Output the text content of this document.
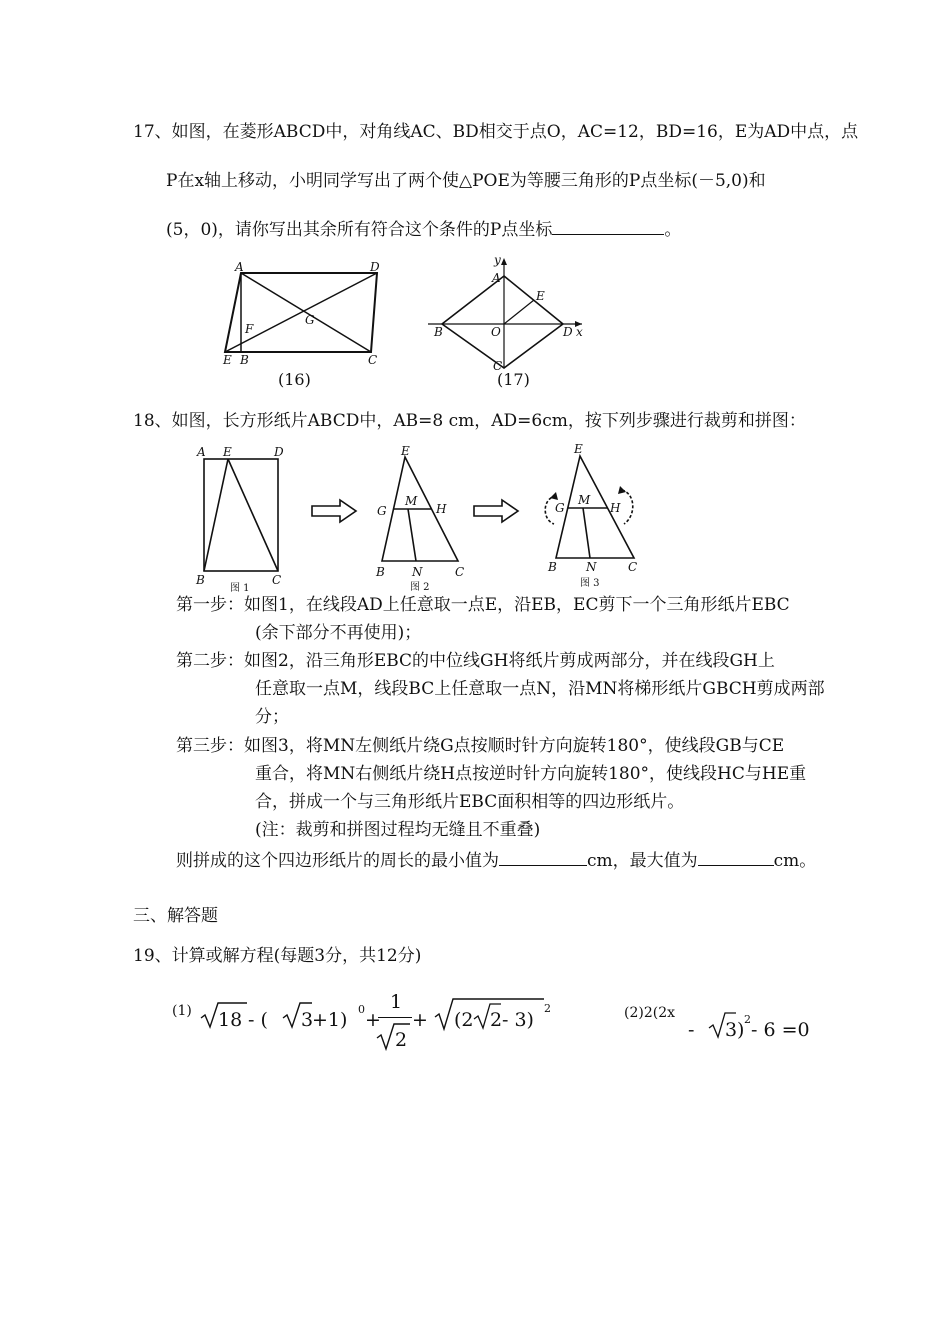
17、如图，在菱形ABCD中，对角线AC、BD相交于点O，AC=12，BD=16，E为AD中点，点
P在x轴上移动，小明同学写出了两个使△POE为等腰三角形的P点坐标(－5,0)和
(5，0)，请你写出其余所有符合这个条件的P点坐标	。
A	D
F
G
E B	C
(16)
y
A
E
B	O	D x
C
(17)
18、如图，长方形纸片ABCD中，AB=8 cm，AD=6cm，按下列步骤进行裁剪和拼图：
A E	D
B	C
图 1
E
M
G	H
B N	C
图 2
E
M
G	H
B N	C
图 3
第一步：如图1，在线段AD上任意取一点E，沿EB，EC剪下一个三角形纸片EBC
(余下部分不再使用)；
第二步：如图2，沿三角形EBC的中位线GH将纸片剪成两部分，并在线段GH上
任意取一点M，线段BC上任意取一点N，沿MN将梯形纸片GBCH剪成两部
分；
第三步：如图3，将MN左侧纸片绕G点按顺时针方向旋转180°，使线段GB与CE
重合，将MN右侧纸片绕H点按逆时针方向旋转180°，使线段HC与HE重
合，拼成一个与三角形纸片EBC面积相等的四边形纸片。
(注：裁剪和拼图过程均无缝且不重叠)
则拼成的这个四边形纸片的周长的最小值为	cm，最大值为	cm。
三、解答题
19、计算或解方程(每题3分，共12分)
(1) 18 - ( 3
+1) 0 +
1
2
+ (2 2 - 3)
2	(2)2(2x
- 3 ) 2 - 6 =0
